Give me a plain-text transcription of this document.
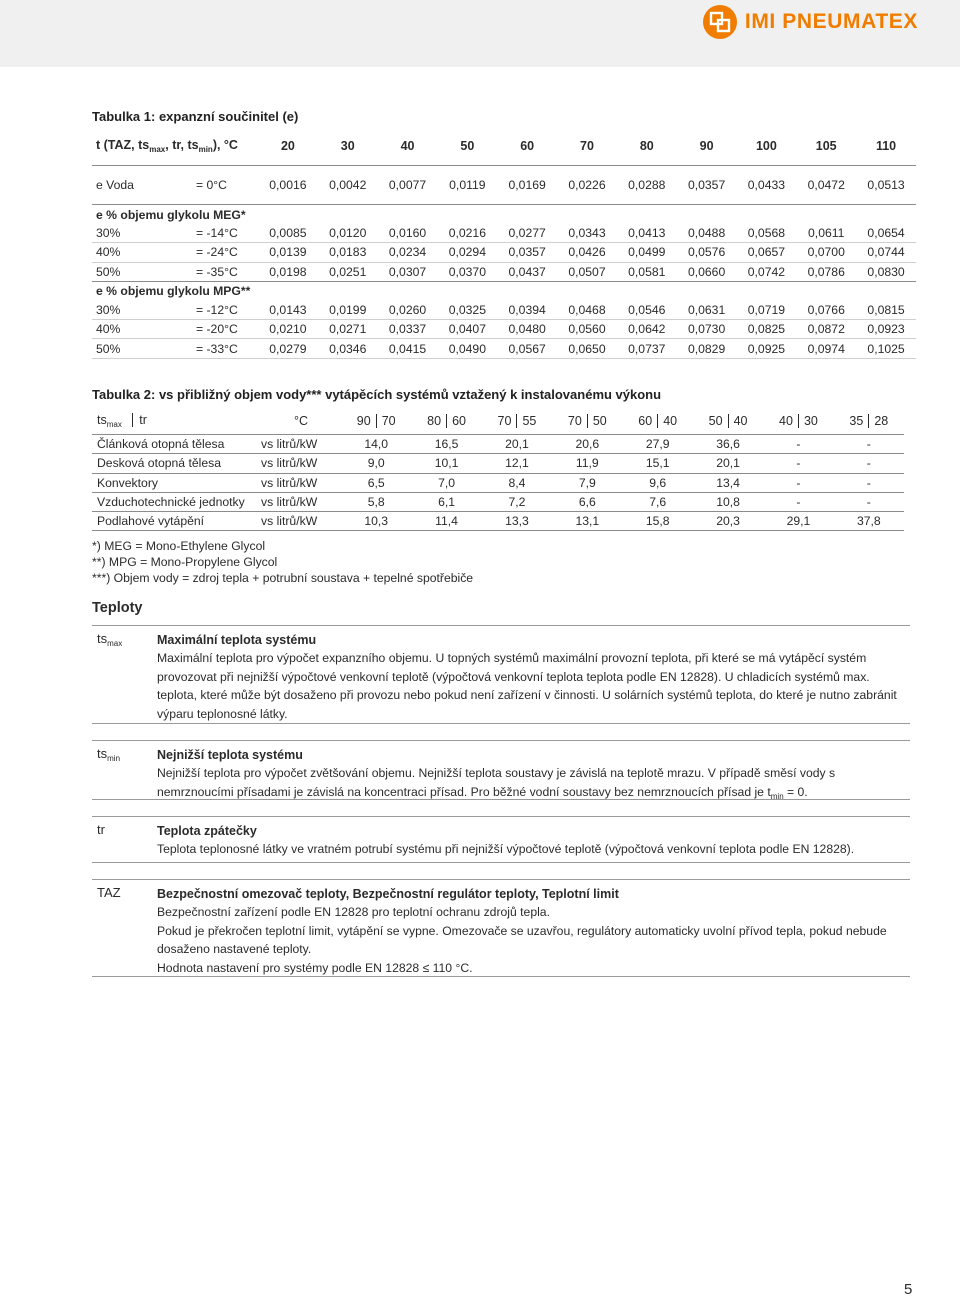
IMI PNEUMATEX
Tabulka 1: expanzní součinitel (e)
t (TAZ, $ts_{max}$, tr, $ts_{min}$), °C		20	30	40	50	60	70	80	90	100	105	110
e Voda	= 0°C	0,0016	0,0042	0,0077	0,0119	0,0169	0,0226	0,0288	0,0357	0,0433	0,0472	0,0513
e % objemu glykolu MEG*												
30%	= -14°C	0,0085	0,0120	0,0160	0,0216	0,0277	0,0343	0,0413	0,0488	0,0568	0,0611	0,0654
40%	= -24°C	0,0139	0,0183	0,0234	0,0294	0,0357	0,0426	0,0499	0,0576	0,0657	0,0700	0,0744
50%	= -35°C	0,0198	0,0251	0,0307	0,0370	0,0437	0,0507	0,0581	0,0660	0,0742	0,0786	0,0830
e % objemu glykolu MPG**												
30%	= -12°C	0,0143	0,0199	0,0260	0,0325	0,0394	0,0468	0,0546	0,0631	0,0719	0,0766	0,0815
40%	= -20°C	0,0210	0,0271	0,0337	0,0407	0,0480	0,0560	0,0642	0,0730	0,0825	0,0872	0,0923
50%	= -33°C	0,0279	0,0346	0,0415	0,0490	0,0567	0,0650	0,0737	0,0829	0,0925	0,0974	0,1025
Tabulka 2: vs přibližný objem vody*** vytápěcích systémů vztažený k instalovanému výkonu
$ts_{max}$ tr	°C	90 70	80 60	70 55	70 50	60 40	50 40	40 30	35 28
Článková otopná tělesa	vs litrů/kW	14,0	16,5	20,1	20,6	27,9	36,6	-	-
Desková otopná tělesa	vs litrů/kW	9,0	10,1	12,1	11,9	15,1	20,1	-	-
Konvektory	vs litrů/kW	6,5	7,0	8,4	7,9	9,6	13,4	-	-
Vzduchotechnické jednotky	vs litrů/kW	5,8	6,1	7,2	6,6	7,6	10,8	-	-
Podlahové vytápění	vs litrů/kW	10,3	11,4	13,3	13,1	15,8	20,3	29,1	37,8
*) MEG = Mono-Ethylene Glycol
**) MPG = Mono-Propylene Glycol
***) Objem vody = zdroj tepla + potrubní soustava + tepelné spotřebiče
Teploty
$ts_{max}$	Maximální teplota systému
Maximální teplota pro výpočet expanzního objemu. U topných systémů maximální provozní teplota, při které se má vytápěcí systém provozovat při nejnižší výpočtové venkovní teplotě (výpočtová venkovní teplota teplota podle EN 12828). U chladicích systémů max. teplota, které může být dosaženo při provozu nebo pokud není zařízení v činnosti. U solárních systémů teplota, do které je nutno zabránit výparu teplonosné látky.
$ts_{min}$	Nejnižší teplota systému
Nejnižší teplota pro výpočet zvětšování objemu. Nejnižší teplota soustavy je závislá na teplotě mrazu. V případě směsí vody s nemrznoucími přísadami je závislá na koncentraci přísad. Pro běžné vodní soustavy bez nemrznoucích přísad je $t_{min} = 0$.
tr	Teplota zpátečky
Teplota teplonosné látky ve vratném potrubí systému při nejnižší výpočtové teplotě (výpočtová venkovní teplota podle EN 12828).
TAZ	Bezpečnostní omezovač teploty, Bezpečnostní regulátor teploty, Teplotní limit
Bezpečnostní zařízení podle EN 12828 pro teplotní ochranu zdrojů tepla.
Pokud je překročen teplotní limit, vytápění se vypne. Omezovače se uzavřou, regulátory automaticky uvolní přívod tepla, pokud nebude dosaženo nastavené teploty.
Hodnota nastavení pro systémy podle EN 12828 ≤ 110 °C.
5
